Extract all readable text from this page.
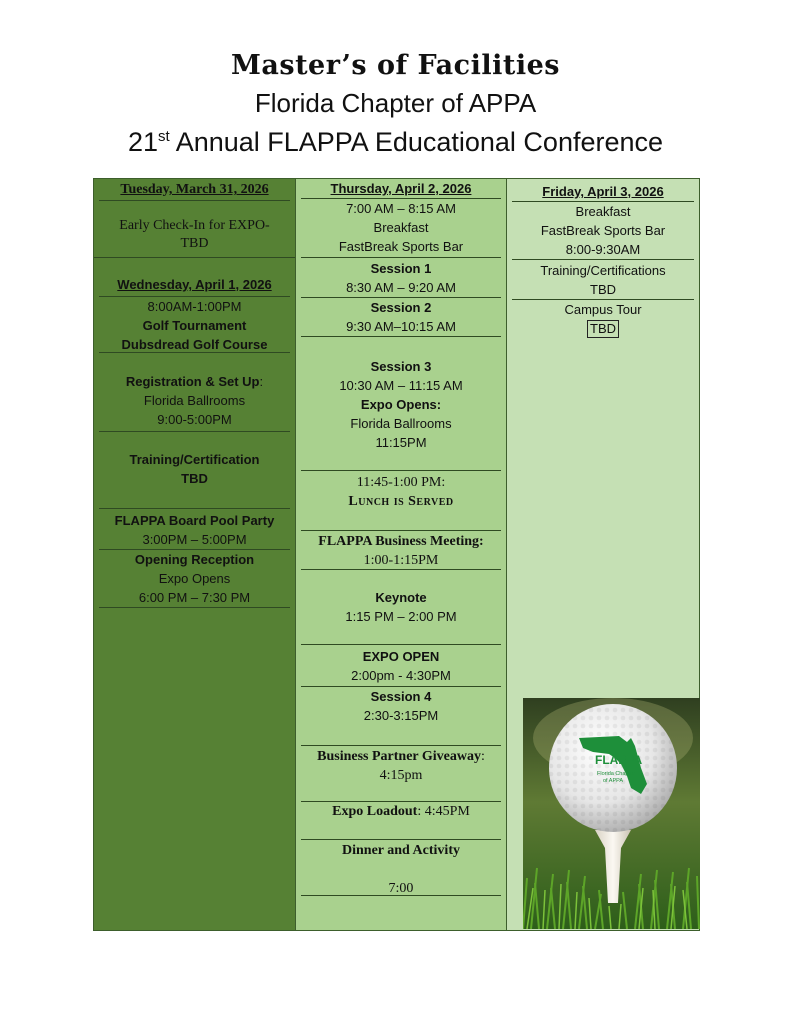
Master’s of Facilities
Florida Chapter of APPA
21st Annual FLAPPA Educational Conference
Tuesday, March 31, 2026
Early Check-In for EXPO-
TBD
Wednesday, April 1, 2026
8:00AM-1:00PM
Golf Tournament
Dubsdread Golf Course
Registration & Set Up:
Florida Ballrooms
9:00-5:00PM
Training/Certification
TBD
FLAPPA Board Pool Party
3:00PM – 5:00PM
Opening Reception
Expo Opens
6:00 PM – 7:30 PM
Thursday, April 2, 2026
7:00 AM – 8:15 AM
Breakfast
FastBreak Sports Bar
Session 1
8:30 AM – 9:20 AM
Session 2
9:30 AM–10:15 AM
Session 3
10:30 AM – 11:15 AM
Expo Opens:
Florida Ballrooms
11:15PM
11:45-1:00 PM:
Lunch is Served
FLAPPA Business Meeting:
1:00-1:15PM
Keynote
1:15 PM – 2:00 PM
EXPO OPEN
2:00pm - 4:30PM
Session 4
2:30-3:15PM
Business Partner Giveaway:
4:15pm
Expo Loadout: 4:45PM
Dinner and Activity

7:00
Friday, April 3, 2026
Breakfast
FastBreak Sports Bar
8:00-9:30AM
Training/Certifications
TBD
Campus Tour
TBD
FLAPPA
Florida Chapter
of APPA
